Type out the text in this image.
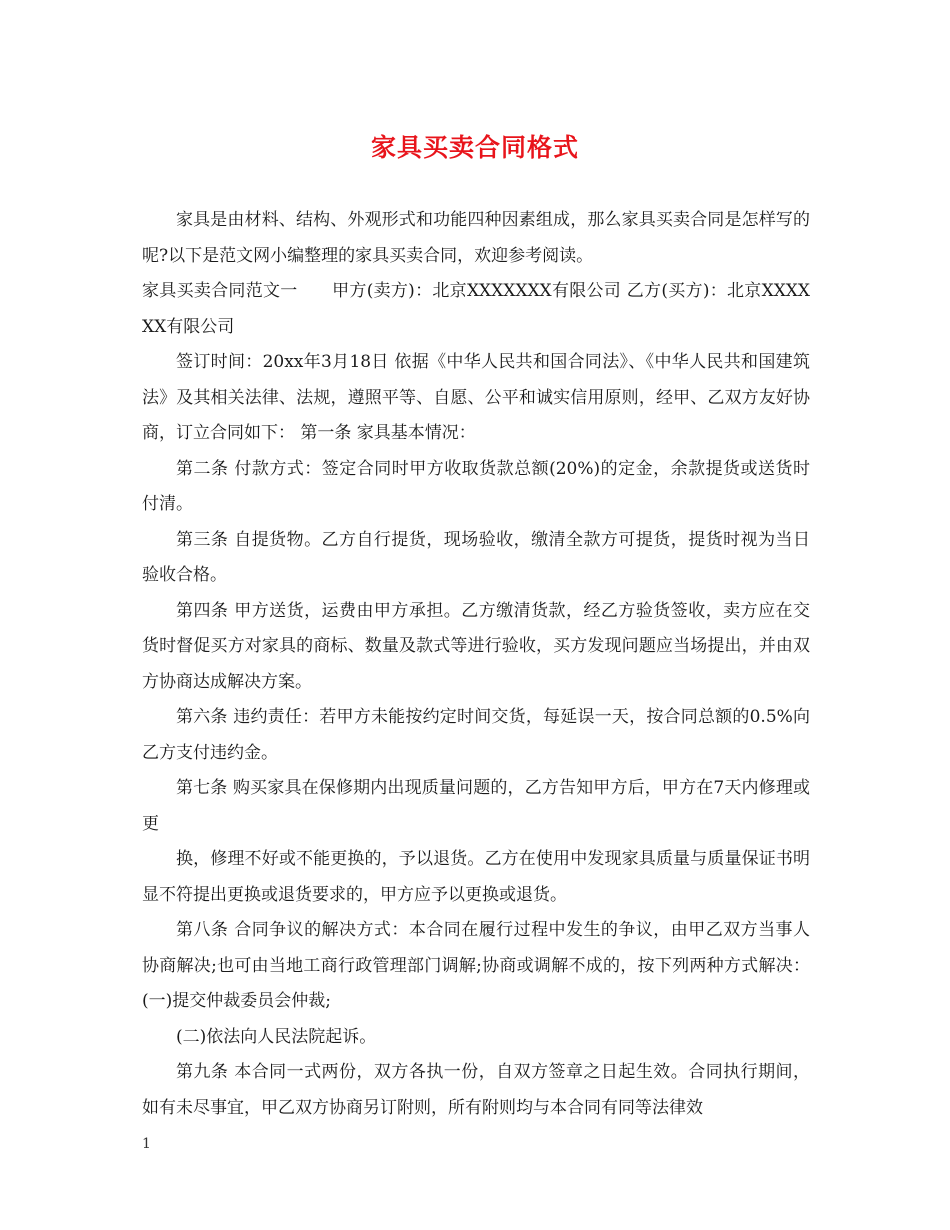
家具买卖合同格式

家具是由材料、结构、外观形式和功能四种因素组成，那么家具买卖合同是怎样写的呢?以下是范文网小编整理的家具买卖合同，欢迎参考阅读。

家具买卖合同范文一　　甲方(卖方)：北京XXXXXXX有限公司 乙方(买方)：北京XXXXXX有限公司

签订时间：20xx年3月18日 依据《中华人民共和国合同法》、《中华人民共和国建筑法》及其相关法律、法规，遵照平等、自愿、公平和诚实信用原则，经甲、乙双方友好协商，订立合同如下： 第一条 家具基本情况：

第二条 付款方式：签定合同时甲方收取货款总额(20%)的定金，余款提货或送货时付清。

第三条 自提货物。乙方自行提货，现场验收，缴清全款方可提货，提货时视为当日验收合格。

第四条 甲方送货，运费由甲方承担。乙方缴清货款，经乙方验货签收，卖方应在交货时督促买方对家具的商标、数量及款式等进行验收，买方发现问题应当场提出，并由双方协商达成解决方案。

第六条 违约责任：若甲方未能按约定时间交货，每延误一天，按合同总额的0.5%向乙方支付违约金。

第七条 购买家具在保修期内出现质量问题的，乙方告知甲方后，甲方在7天内修理或更

换，修理不好或不能更换的，予以退货。乙方在使用中发现家具质量与质量保证书明显不符提出更换或退货要求的，甲方应予以更换或退货。

第八条 合同争议的解决方式：本合同在履行过程中发生的争议，由甲乙双方当事人协商解决;也可由当地工商行政管理部门调解;协商或调解不成的，按下列两种方式解决： (一)提交仲裁委员会仲裁;

(二)依法向人民法院起诉。

第九条 本合同一式两份，双方各执一份，自双方签章之日起生效。合同执行期间，如有未尽事宜，甲乙双方协商另订附则，所有附则均与本合同有同等法律效

1
